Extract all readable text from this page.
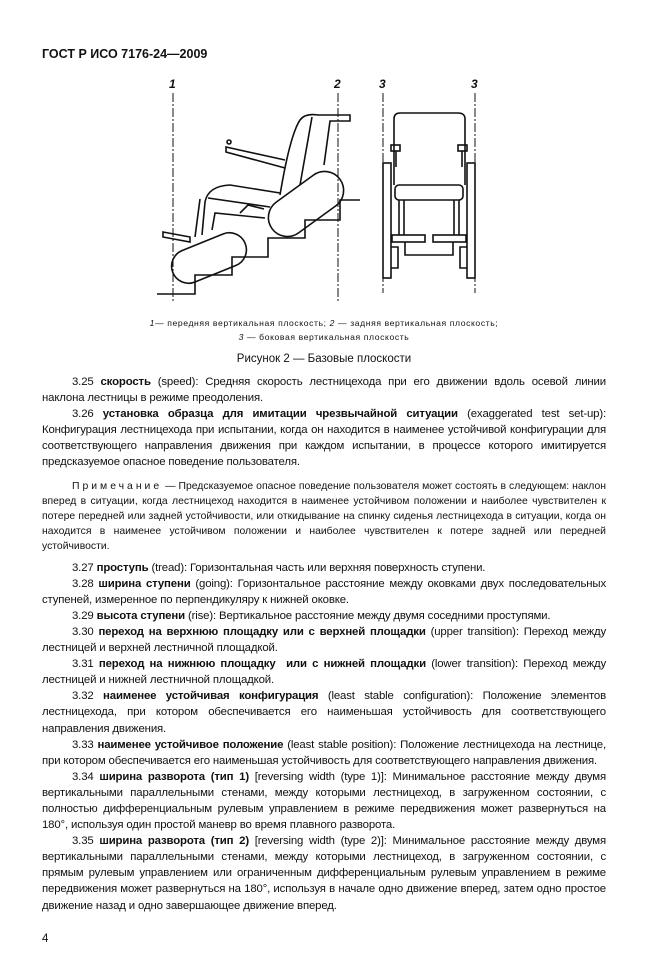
ГОСТ Р ИСО 7176-24—2009
1	2	3	3
1— передняя вертикальная плоскость; 2 — задняя вертикальная плоскость;
3 — боковая вертикальная плоскость
Рисунок 2 — Базовые плоскости

3.25 скорость (speed): Средняя скорость лестницехода при его движении вдоль осевой линии наклона лестницы в режиме преодоления.

3.26 установка образца для имитации чрезвычайной ситуации (exaggerated test set-up): Конфигурация лестницехода при испытании, когда он находится в наименее устойчивой конфигурации для соответствующего направления движения при каждом испытании, в процессе которого имитируется предсказуемое опасное поведение пользователя.

Примечание — Предсказуемое опасное поведение пользователя может состоять в следующем: наклон вперед в ситуации, когда лестницеход находится в наименее устойчивом положении и наиболее чувствителен к потере передней или задней устойчивости, или откидывание на спинку сиденья лестницехода в ситуации, когда он находится в наименее устойчивом положении и наиболее чувствителен к потере задней или передней устойчивости.

3.27 проступь (tread): Горизонтальная часть или верхняя поверхность ступени.

3.28 ширина ступени (going): Горизонтальное расстояние между оковками двух последовательных ступеней, измеренное по перпендикуляру к нижней оковке.

3.29 высота ступени (rise): Вертикальное расстояние между двумя соседними проступями.

3.30 переход на верхнюю площадку или с верхней площадки (upper transition): Переход между лестницей и верхней лестничной площадкой.

3.31 переход на нижнюю площадку  или с нижней площадки (lower transition): Переход между лестницей и нижней лестничной площадкой.

3.32 наименее устойчивая конфигурация (least stable configuration): Положение элементов лестницехода, при котором обеспечивается его наименьшая устойчивость для соответствующего направления движения.

3.33 наименее устойчивое положение (least stable position): Положение лестницехода на лестнице, при котором обеспечивается его наименьшая устойчивость для соответствующего направления движения.

3.34 ширина разворота (тип 1) [reversing width (type 1)]: Минимальное расстояние между двумя вертикальными параллельными стенами, между которыми лестницеход, в загруженном состоянии, с полностью дифференциальным рулевым управлением в режиме передвижения может развернуться на 180°, используя один простой маневр во время плавного разворота.

3.35 ширина разворота (тип 2) [reversing width (type 2)]: Минимальное расстояние между двумя вертикальными параллельными стенами, между которыми лестницеход, в загруженном состоянии, с прямым рулевым управлением или ограниченным дифференциальным рулевым управлением в режиме передвижения может развернуться на 180°, используя в начале одно движение вперед, затем одно простое движение назад и одно завершающее движение вперед.

4
